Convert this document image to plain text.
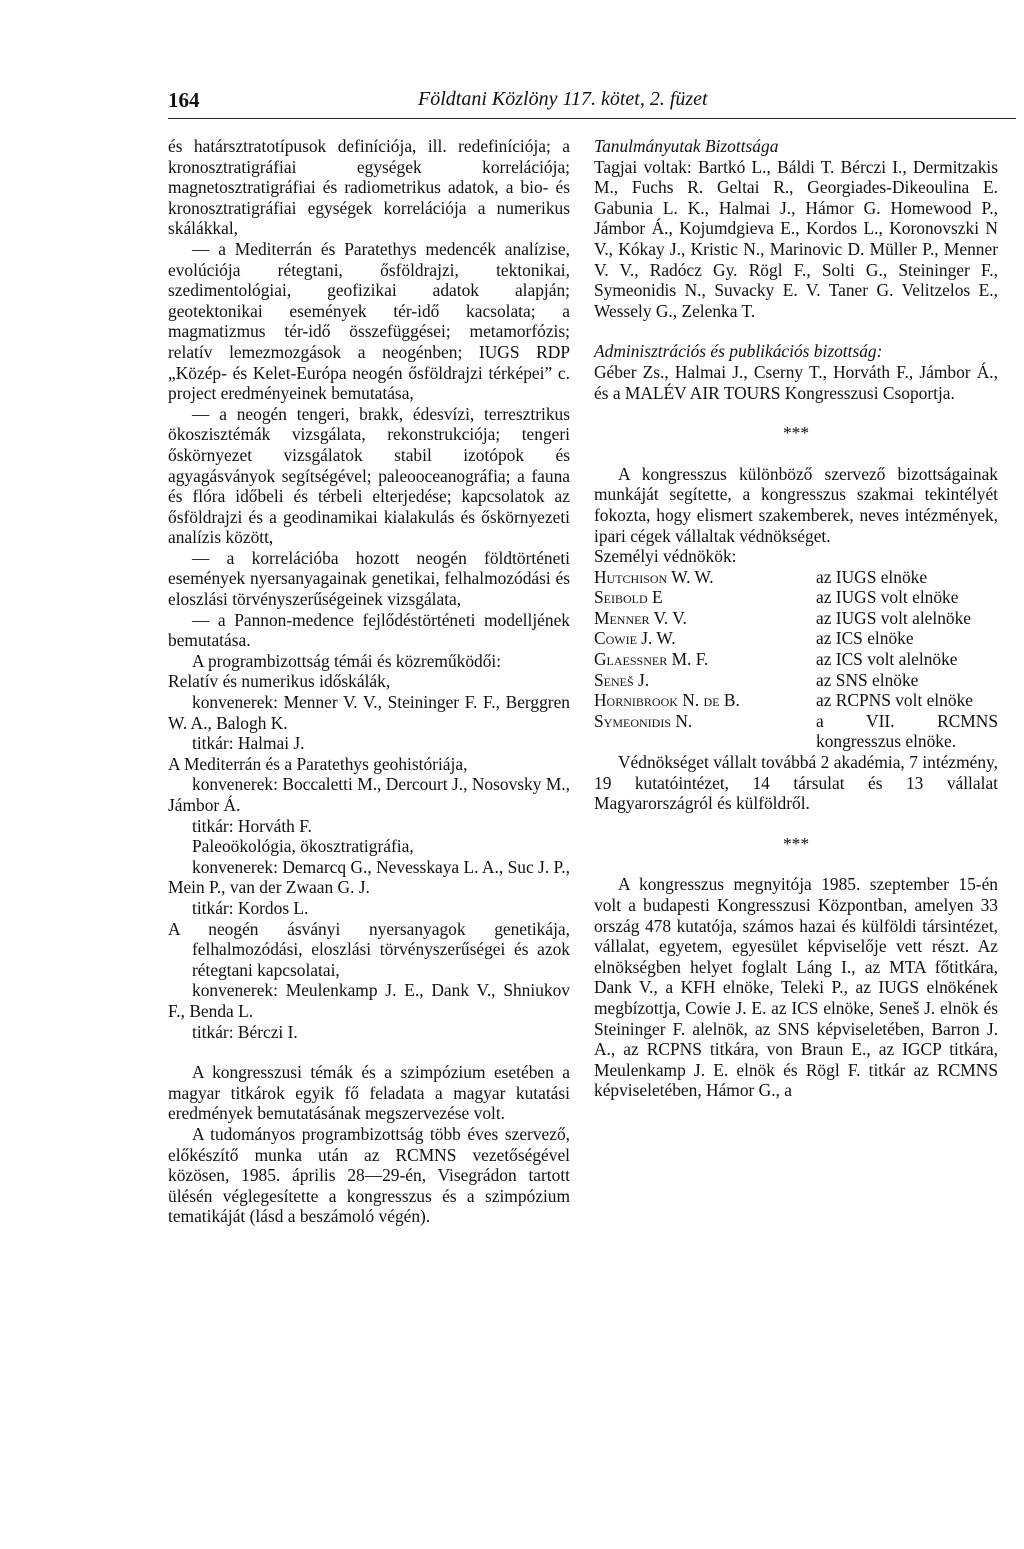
164	Földtani Közlöny 117. kötet, 2. füzet

és határsztratotípusok definíciója, ill. redefiníciója; a kronosztratigráfiai egységek korrelációja; magnetosztratigráfiai és radiometrikus adatok, a bio- és kronosztratigráfiai egységek korrelációja a numerikus skálákkal,

— a Mediterrán és Paratethys medencék analízise, evolúciója rétegtani, ősföldrajzi, tektonikai, szedimentológiai, geofizikai adatok alapján; geotektonikai események tér-idő kacsolata; a magmatizmus tér-idő összefüggései; metamorfózis; relatív lemezmozgások a neogénben; IUGS RDP „Közép- és Kelet-Európa neogén ősföldrajzi térképei” c. project eredményeinek bemutatása,

— a neogén tengeri, brakk, édesvízi, terresztrikus ökoszisztémák vizsgálata, rekonstrukciója; tengeri őskörnyezet vizsgálatok stabil izotópok és agyagásványok segítségével; paleooceanográfia; a fauna és flóra időbeli és térbeli elterjedése; kapcsolatok az ősföldrajzi és a geodinamikai kialakulás és őskörnyezeti analízis között,

— a korrelációba hozott neogén földtörténeti események nyersanyagainak genetikai, felhalmozódási és eloszlási törvényszerűségeinek vizsgálata,

— a Pannon-medence fejlődéstörténeti modelljének bemutatása.

A programbizottság témái és közreműködői:

Relatív és numerikus időskálák,

konvenerek: Menner V. V., Steininger F. F., Berggren W. A., Balogh K.

titkár: Halmai J.

A Mediterrán és a Paratethys geohistóriája,

konvenerek: Boccaletti M., Dercourt J., Nosovsky M., Jámbor Á.

titkár: Horváth F.

Paleoökológia, ökosztratigráfia,

konvenerek: Demarcq G., Nevesskaya L. A., Suc J. P., Mein P., van der Zwaan G. J.

titkár: Kordos L.

A neogén ásványi nyersanyagok genetikája, felhalmozódási, eloszlási törvényszerűségei és azok rétegtani kapcsolatai,

konvenerek: Meulenkamp J. E., Dank V., Shniukov F., Benda L.

titkár: Bérczi I.

A kongresszusi témák és a szimpózium esetében a magyar titkárok egyik fő feladata a magyar kutatási eredmények bemutatásának megszervezése volt.

A tudományos programbizottság több éves szervező, előkészítő munka után az RCMNS vezetőségével közösen, 1985. április 28—29-én, Visegrádon tartott ülésén véglegesítette a kongresszus és a szimpózium tematikáját (lásd a beszámoló végén).

Tanulmányutak Bizottsága

Tagjai voltak: Bartkó L., Báldi T. Bérczi I., Dermitzakis M., Fuchs R. Geltai R., Georgiades-Dikeoulina E. Gabunia L. K., Halmai J., Hámor G. Homewood P., Jámbor Á., Kojumdgieva E., Kordos L., Koronovszki N V., Kókay J., Kristic N., Marinovic D. Müller P., Menner V. V., Radócz Gy. Rögl F., Solti G., Steininger F., Symeonidis N., Suvacky E. V. Taner G. Velitzelos E., Wessely G., Zelenka T.

Adminisztrációs és publikációs bizottság:

Géber Zs., Halmai J., Cserny T., Horváth F., Jámbor Á., és a MALÉV AIR TOURS Kongresszusi Csoportja.

***

A kongresszus különböző szervező bizottságainak munkáját segítette, a kongresszus szakmai tekintélyét fokozta, hogy elismert szakemberek, neves intézmények, ipari cégek vállaltak védnökséget.

Személyi védnökök:

Hutchison W. W.	az IUGS elnöke
Seibold E	az IUGS volt elnöke
Menner V. V.	az IUGS volt alelnöke
Cowie J. W.	az ICS elnöke
Glaessner M. F.	az ICS volt alelnöke
Seneš J.	az SNS elnöke
Hornibrook N. de B.	az RCPNS volt elnöke
Symeonidis N.	a VII. RCMNS kongresszus elnöke.

Védnökséget vállalt továbbá 2 akadémia, 7 intézmény, 19 kutatóintézet, 14 társulat és 13 vállalat Magyarországról és külföldről.

***

A kongresszus megnyitója 1985. szeptember 15-én volt a budapesti Kongresszusi Központban, amelyen 33 ország 478 kutatója, számos hazai és külföldi társintézet, vállalat, egyetem, egyesület képviselője vett részt. Az elnökségben helyet foglalt Láng I., az MTA főtitkára, Dank V., a KFH elnöke, Teleki P., az IUGS elnökének megbízottja, Cowie J. E. az ICS elnöke, Seneš J. elnök és Steininger F. alelnök, az SNS képviseletében, Barron J. A., az RCPNS titkára, von Braun E., az IGCP titkára, Meulenkamp J. E. elnök és Rögl F. titkár az RCMNS képviseletében, Hámor G., a
